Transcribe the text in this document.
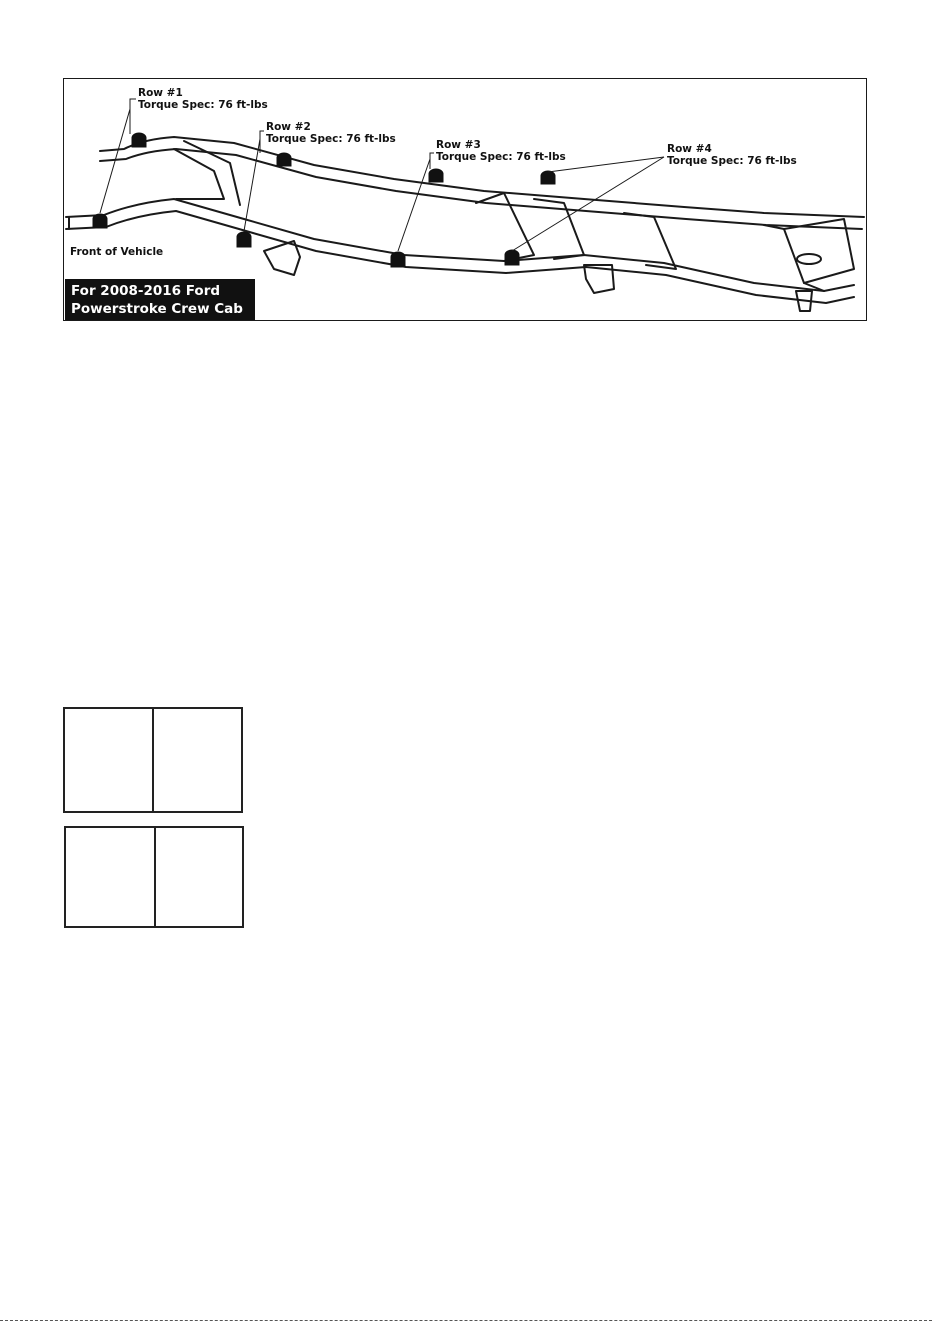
Row #1
Torque Spec: 76 ft-lbs
Row #2
Torque Spec: 76 ft-lbs	Row #3
Torque Spec: 76 ft-lbs
Row #4
Torque Spec: 76 ft-lbs
Front of Vehicle
For 2008-2016 Ford
Powerstroke Crew Cab
